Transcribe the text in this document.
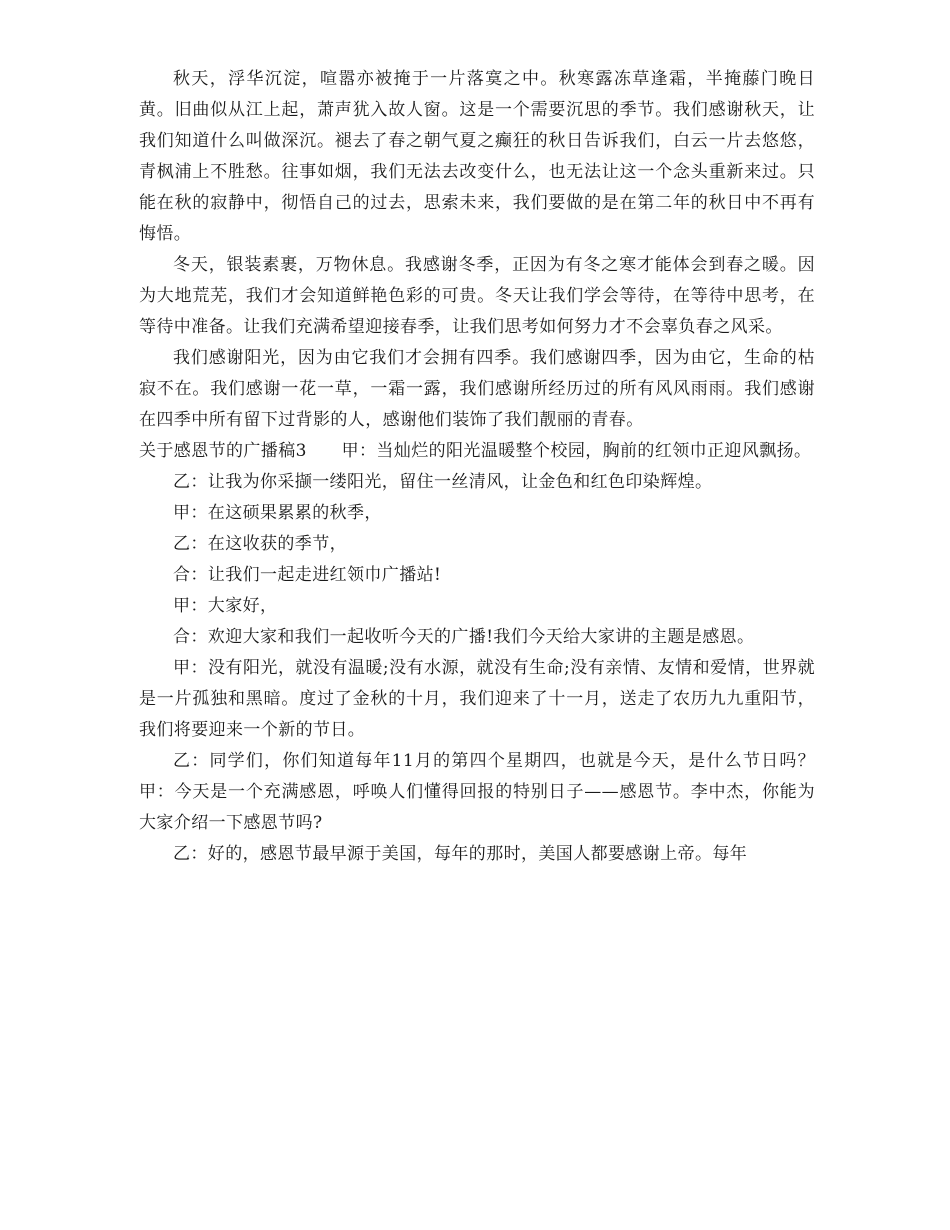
秋天，浮华沉淀，喧嚣亦被掩于一片落寞之中。秋寒露冻草逢霜，半掩藤门晚日黄。旧曲似从江上起，萧声犹入故人窗。这是一个需要沉思的季节。我们感谢秋天，让我们知道什么叫做深沉。褪去了春之朝气夏之癫狂的秋日告诉我们，白云一片去悠悠，青枫浦上不胜愁。往事如烟，我们无法去改变什么，也无法让这一个念头重新来过。只能在秋的寂静中，彻悟自己的过去，思索未来，我们要做的是在第二年的秋日中不再有悔悟。

冬天，银装素裹，万物休息。我感谢冬季，正因为有冬之寒才能体会到春之暖。因为大地荒芜，我们才会知道鲜艳色彩的可贵。冬天让我们学会等待，在等待中思考，在等待中准备。让我们充满希望迎接春季，让我们思考如何努力才不会辜负春之风采。

我们感谢阳光，因为由它我们才会拥有四季。我们感谢四季，因为由它，生命的枯寂不在。我们感谢一花一草，一霜一露，我们感谢所经历过的所有风风雨雨。我们感谢在四季中所有留下过背影的人，感谢他们装饰了我们靓丽的青春。

关于感恩节的广播稿3　　甲：当灿烂的阳光温暖整个校园，胸前的红领巾正迎风飘扬。

乙：让我为你采撷一缕阳光，留住一丝清风，让金色和红色印染辉煌。

甲：在这硕果累累的秋季，

乙：在这收获的季节，

合：让我们一起走进红领巾广播站!

甲：大家好，

合：欢迎大家和我们一起收听今天的广播!我们今天给大家讲的主题是感恩。

甲：没有阳光，就没有温暖;没有水源，就没有生命;没有亲情、友情和爱情，世界就是一片孤独和黑暗。度过了金秋的十月，我们迎来了十一月，送走了农历九九重阳节，我们将要迎来一个新的节日。

乙：同学们，你们知道每年11月的第四个星期四，也就是今天，是什么节日吗？甲：今天是一个充满感恩，呼唤人们懂得回报的特别日子——感恩节。李中杰，你能为大家介绍一下感恩节吗?

乙：好的，感恩节最早源于美国，每年的那时，美国人都要感谢上帝。每年
